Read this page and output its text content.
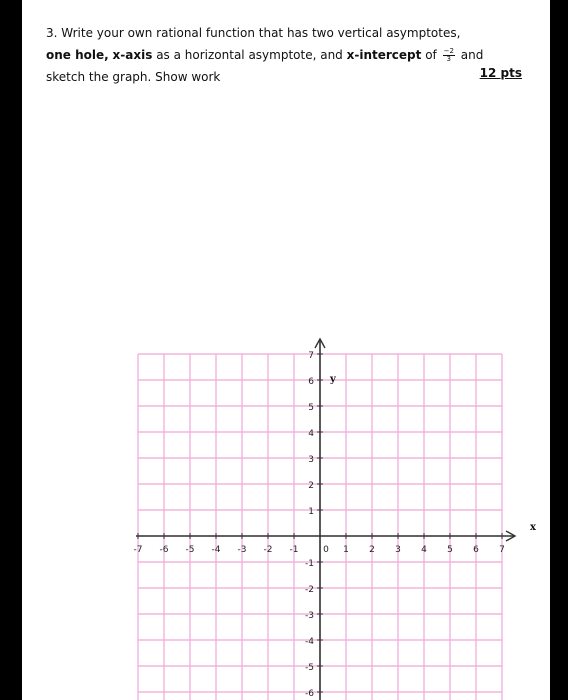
3. Write your own rational function that has two vertical asymptotes,
one hole, x-axis as a horizontal asymptote, and x-intercept of $\frac{-2}{3}$ and
sketch the graph. Show work	12 pts
-7 -6 -5 -4 -3 -2 -1	0 1 2 3 4 5 6 7
7
6
5
4
3
2
1
-1
-2
-3
-4
-5
-6
x
y
